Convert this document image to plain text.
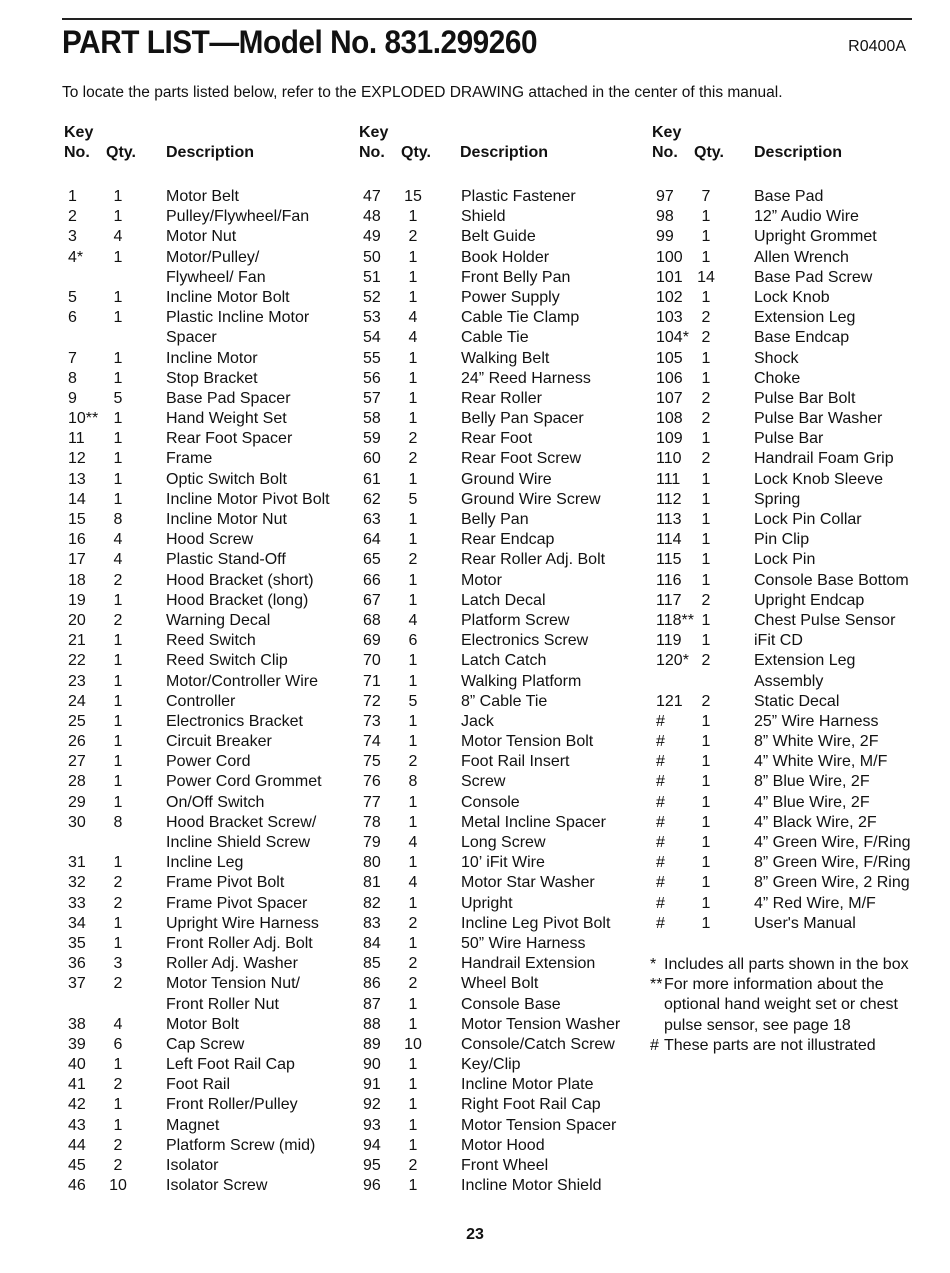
PART LIST—Model No. 831.299260	R0400A
To locate the parts listed below, refer to the EXPLODED DRAWING attached in the center of this manual.
Key
No. Qty. Description
1 1	Motor Belt
2 1	Pulley/Flywheel/Fan
3 4	Motor Nut
4* 1	Motor/Pulley/
Flywheel/ Fan
5 1	Incline Motor Bolt
6 1	Plastic Incline Motor
Spacer
7 1	Incline Motor
8 1	Stop Bracket
9 5	Base Pad Spacer
10** 1	Hand Weight Set
11 1	Rear Foot Spacer
12 1	Frame
13 1	Optic Switch Bolt
14 1	Incline Motor Pivot Bolt
15 8	Incline Motor Nut
16 4	Hood Screw
17 4	Plastic Stand-Off
18 2	Hood Bracket (short)
19 1	Hood Bracket (long)
20 2	Warning Decal
21 1	Reed Switch
22 1	Reed Switch Clip
23 1	Motor/Controller Wire
24 1	Controller
25 1	Electronics Bracket
26 1	Circuit Breaker
27 1	Power Cord
28 1	Power Cord Grommet
29 1	On/Off Switch
30 8	Hood Bracket Screw/
Incline Shield Screw
31 1	Incline Leg
32 2	Frame Pivot Bolt
33 2	Frame Pivot Spacer
34 1	Upright Wire Harness
35 1	Front Roller Adj. Bolt
36 3	Roller Adj. Washer
37 2	Motor Tension Nut/
Front Roller Nut
38 4	Motor Bolt
39 6	Cap Screw
40 1	Left Foot Rail Cap
41 2	Foot Rail
42 1	Front Roller/Pulley
43 1	Magnet
44 2	Platform Screw (mid)
45 2	Isolator
46 10 Isolator Screw
Key
No. Qty. Description
47 15 Plastic Fastener
48 1	Shield
49 2	Belt Guide
50 1	Book Holder
51 1	Front Belly Pan
52 1	Power Supply
53 4	Cable Tie Clamp
54 4	Cable Tie
55 1	Walking Belt
56 1	24” Reed Harness
57 1	Rear Roller
58 1	Belly Pan Spacer
59 2	Rear Foot
60 2	Rear Foot Screw
61 1	Ground Wire
62 5	Ground Wire Screw
63 1	Belly Pan
64 1	Rear Endcap
65 2	Rear Roller Adj. Bolt
66 1	Motor
67 1	Latch Decal
68 4	Platform Screw
69 6	Electronics Screw
70 1	Latch Catch
71 1	Walking Platform
72 5	8” Cable Tie
73 1	Jack
74 1	Motor Tension Bolt
75 2	Foot Rail Insert
76 8	Screw
77 1	Console
78 1	Metal Incline Spacer
79 4	Long Screw
80 1	10’ iFit Wire
81 4	Motor Star Washer
82 1	Upright
83 2	Incline Leg Pivot Bolt
84 1	50” Wire Harness
85 2	Handrail Extension
86 2	Wheel Bolt
87 1	Console Base
88 1	Motor Tension Washer
89 10 Console/Catch Screw
90 1	Key/Clip
91 1	Incline Motor Plate
92 1	Right Foot Rail Cap
93 1	Motor Tension Spacer
94 1	Motor Hood
95 2	Front Wheel
96 1	Incline Motor Shield
Key
No. Qty. Description
97 7	Base Pad
98 1	12” Audio Wire
99 1	Upright Grommet
100 1	Allen Wrench
101 14 Base Pad Screw
102 1	Lock Knob
103 2	Extension Leg
104* 2	Base Endcap
105 1	Shock
106 1	Choke
107 2	Pulse Bar Bolt
108 2	Pulse Bar Washer
109 1	Pulse Bar
110 2	Handrail Foam Grip
111 1	Lock Knob Sleeve
112 1	Spring
113 1	Lock Pin Collar
114 1	Pin Clip
115 1	Lock Pin
116 1	Console Base Bottom
117 2	Upright Endcap
118** 1	Chest Pulse Sensor
119 1	iFit CD
120* 2	Extension Leg
Assembly
121 2	Static Decal
# 1	25” Wire Harness
# 1	8” White Wire, 2F
# 1	4” White Wire, M/F
# 1	8” Blue Wire, 2F
# 1	4” Blue Wire, 2F
# 1	4” Black Wire, 2F
# 1	4” Green Wire, F/Ring
# 1	8” Green Wire, F/Ring
# 1	8” Green Wire, 2 Ring
# 1	4” Red Wire, M/F
# 1	User's Manual
* Includes all parts shown in the box
** For more information about the optional hand weight set or chest pulse sensor, see page 18
# These parts are not illustrated
23
